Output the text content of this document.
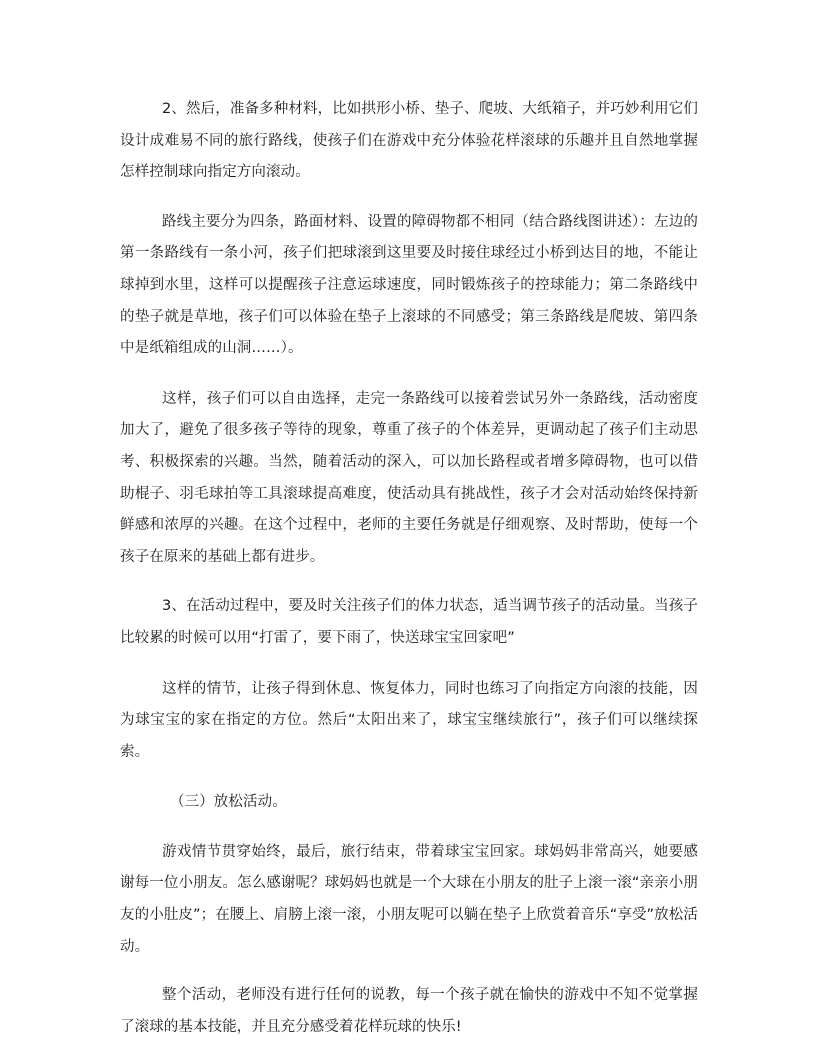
2、然后，准备多种材料，比如拱形小桥、垫子、爬坡、大纸箱子，并巧妙利用它们设计成难易不同的旅行路线，使孩子们在游戏中充分体验花样滚球的乐趣并且自然地掌握怎样控制球向指定方向滚动。

路线主要分为四条，路面材料、设置的障碍物都不相同（结合路线图讲述）：左边的第一条路线有一条小河，孩子们把球滚到这里要及时接住球经过小桥到达目的地，不能让球掉到水里，这样可以提醒孩子注意运球速度，同时锻炼孩子的控球能力；第二条路线中的垫子就是草地，孩子们可以体验在垫子上滚球的不同感受；第三条路线是爬坡、第四条中是纸箱组成的山洞……）。

这样，孩子们可以自由选择，走完一条路线可以接着尝试另外一条路线，活动密度加大了，避免了很多孩子等待的现象，尊重了孩子的个体差异，更调动起了孩子们主动思考、积极探索的兴趣。当然，随着活动的深入，可以加长路程或者增多障碍物，也可以借助棍子、羽毛球拍等工具滚球提高难度，使活动具有挑战性，孩子才会对活动始终保持新鲜感和浓厚的兴趣。在这个过程中，老师的主要任务就是仔细观察、及时帮助，使每一个孩子在原来的基础上都有进步。

3、在活动过程中，要及时关注孩子们的体力状态，适当调节孩子的活动量。当孩子比较累的时候可以用“打雷了，要下雨了，快送球宝宝回家吧”

这样的情节，让孩子得到休息、恢复体力，同时也练习了向指定方向滚的技能，因为球宝宝的家在指定的方位。然后“太阳出来了，球宝宝继续旅行”，孩子们可以继续探索。

（三）放松活动。

游戏情节贯穿始终，最后，旅行结束，带着球宝宝回家。球妈妈非常高兴，她要感谢每一位小朋友。怎么感谢呢？球妈妈也就是一个大球在小朋友的肚子上滚一滚“亲亲小朋友的小肚皮”；在腰上、肩膀上滚一滚，小朋友呢可以躺在垫子上欣赏着音乐“享受”放松活动。

整个活动，老师没有进行任何的说教，每一个孩子就在愉快的游戏中不知不觉掌握了滚球的基本技能，并且充分感受着花样玩球的快乐!
